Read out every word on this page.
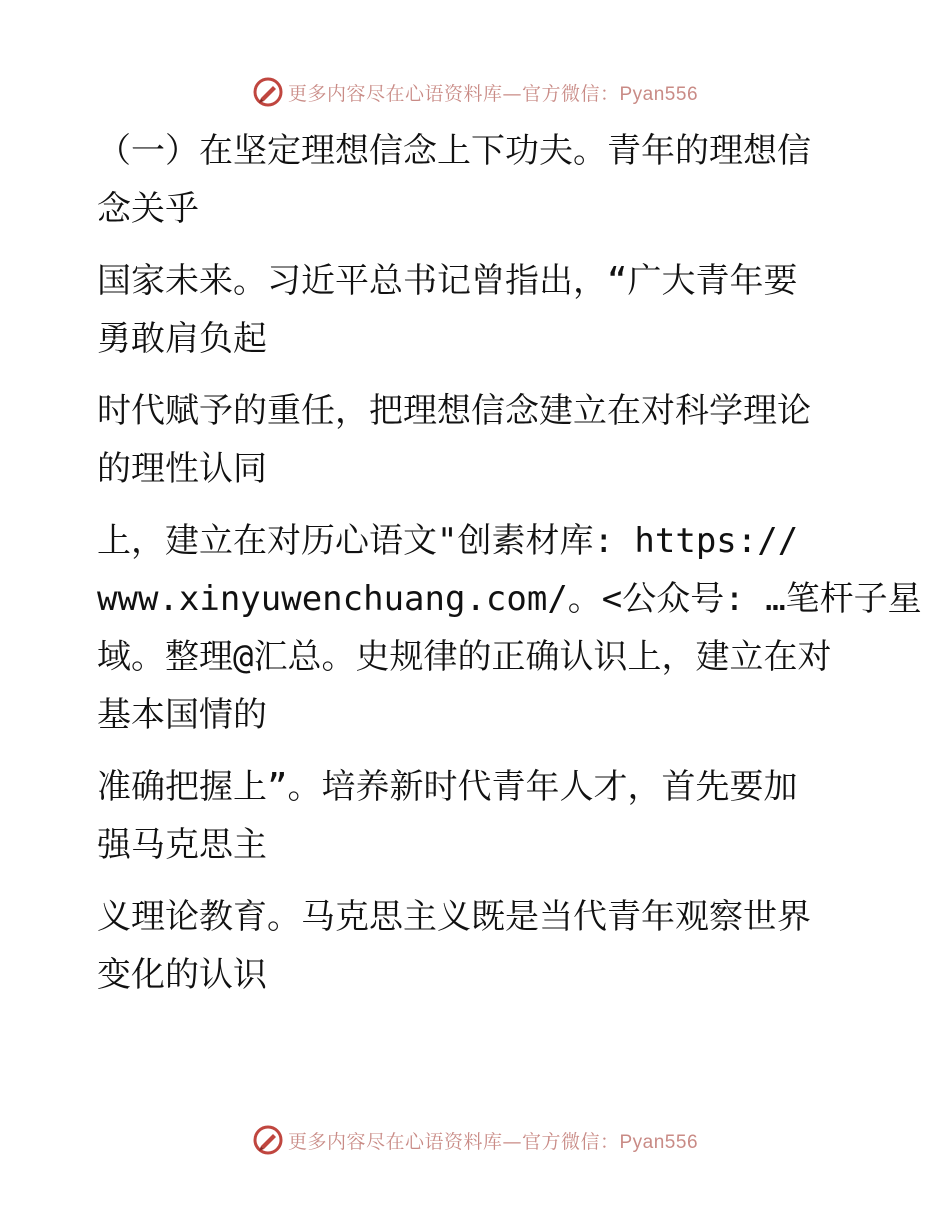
更多内容尽在心语资料库—官方微信：Pyan556

（一）在坚定理想信念上下功夫。青年的理想信
念关乎

国家未来。习近平总书记曾指出，“广大青年要
勇敢肩负起

时代赋予的重任，把理想信念建立在对科学理论
的理性认同

上，建立在对历心语文"创素材库: https://
www.xinyuwenchuang.com/。<公众号: …笔杆子星
域。整理@汇总。史规律的正确认识上，建立在对
基本国情的

准确把握上”。培养新时代青年人才，首先要加
强马克思主

义理论教育。马克思主义既是当代青年观察世界
变化的认识

更多内容尽在心语资料库—官方微信：Pyan556
